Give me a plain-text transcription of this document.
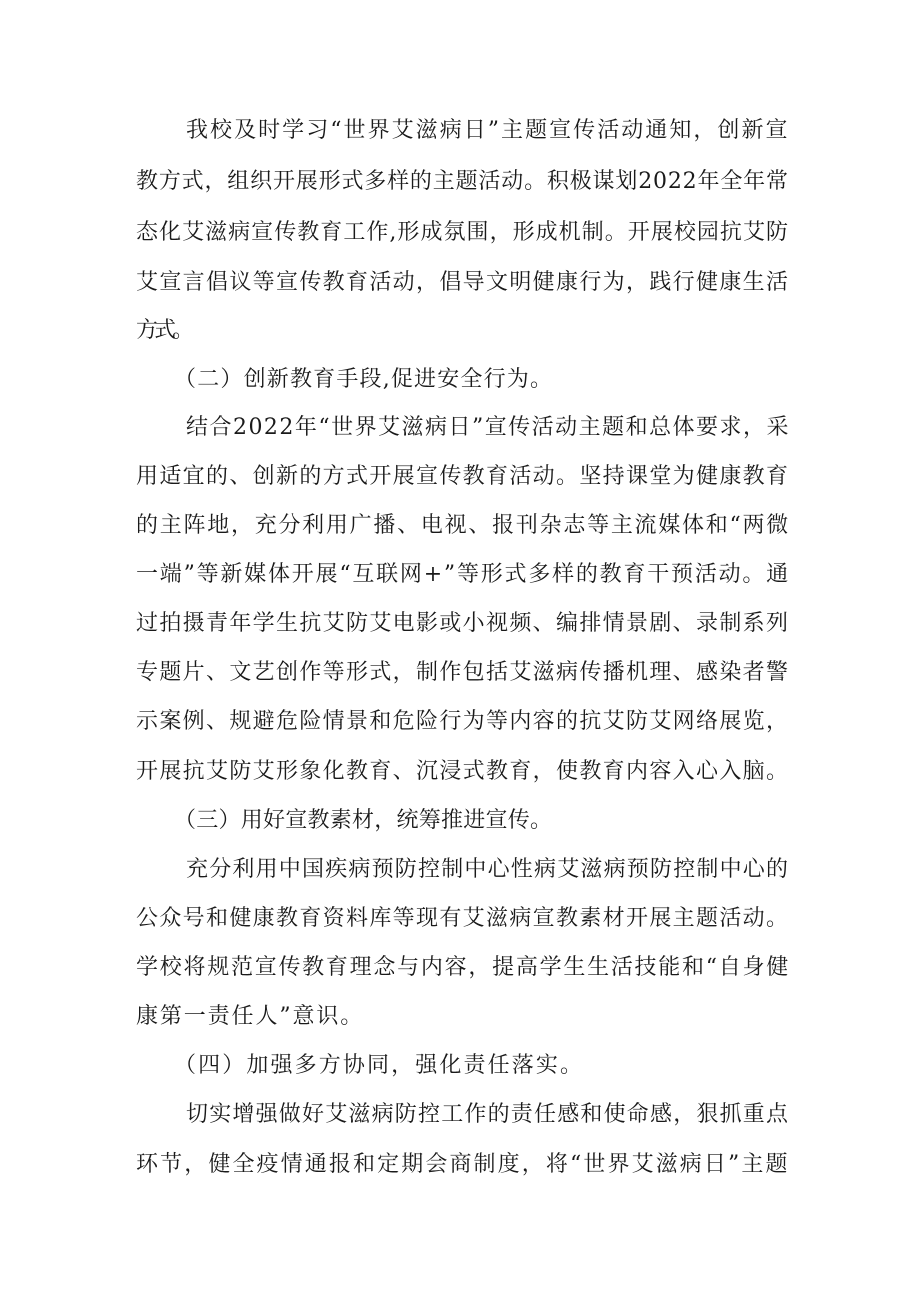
我校及时学习“世界艾滋病日”主题宣传活动通知，创新宣
教方式，组织开展形式多样的主题活动。积极谋划2022年全年常
态化艾滋病宣传教育工作,形成氛围，形成机制。开展校园抗艾防
艾宣言倡议等宣传教育活动，倡导文明健康行为，践行健康生活
方式。
（二）创新教育手段,促进安全行为。
结合2022年“世界艾滋病日”宣传活动主题和总体要求，采
用适宜的、创新的方式开展宣传教育活动。坚持课堂为健康教育
的主阵地，充分利用广播、电视、报刊杂志等主流媒体和“两微
一端”等新媒体开展“互联网+”等形式多样的教育干预活动。通
过拍摄青年学生抗艾防艾电影或小视频、编排情景剧、录制系列
专题片、文艺创作等形式，制作包括艾滋病传播机理、感染者警
示案例、规避危险情景和危险行为等内容的抗艾防艾网络展览，
开展抗艾防艾形象化教育、沉浸式教育，使教育内容入心入脑。
（三）用好宣教素材，统筹推进宣传。
充分利用中国疾病预防控制中心性病艾滋病预防控制中心的
公众号和健康教育资料库等现有艾滋病宣教素材开展主题活动。
学校将规范宣传教育理念与内容，提高学生生活技能和“自身健
康第一责任人”意识。
（四）加强多方协同，强化责任落实。
切实增强做好艾滋病防控工作的责任感和使命感，狠抓重点
环节，健全疫情通报和定期会商制度，将“世界艾滋病日”主题
